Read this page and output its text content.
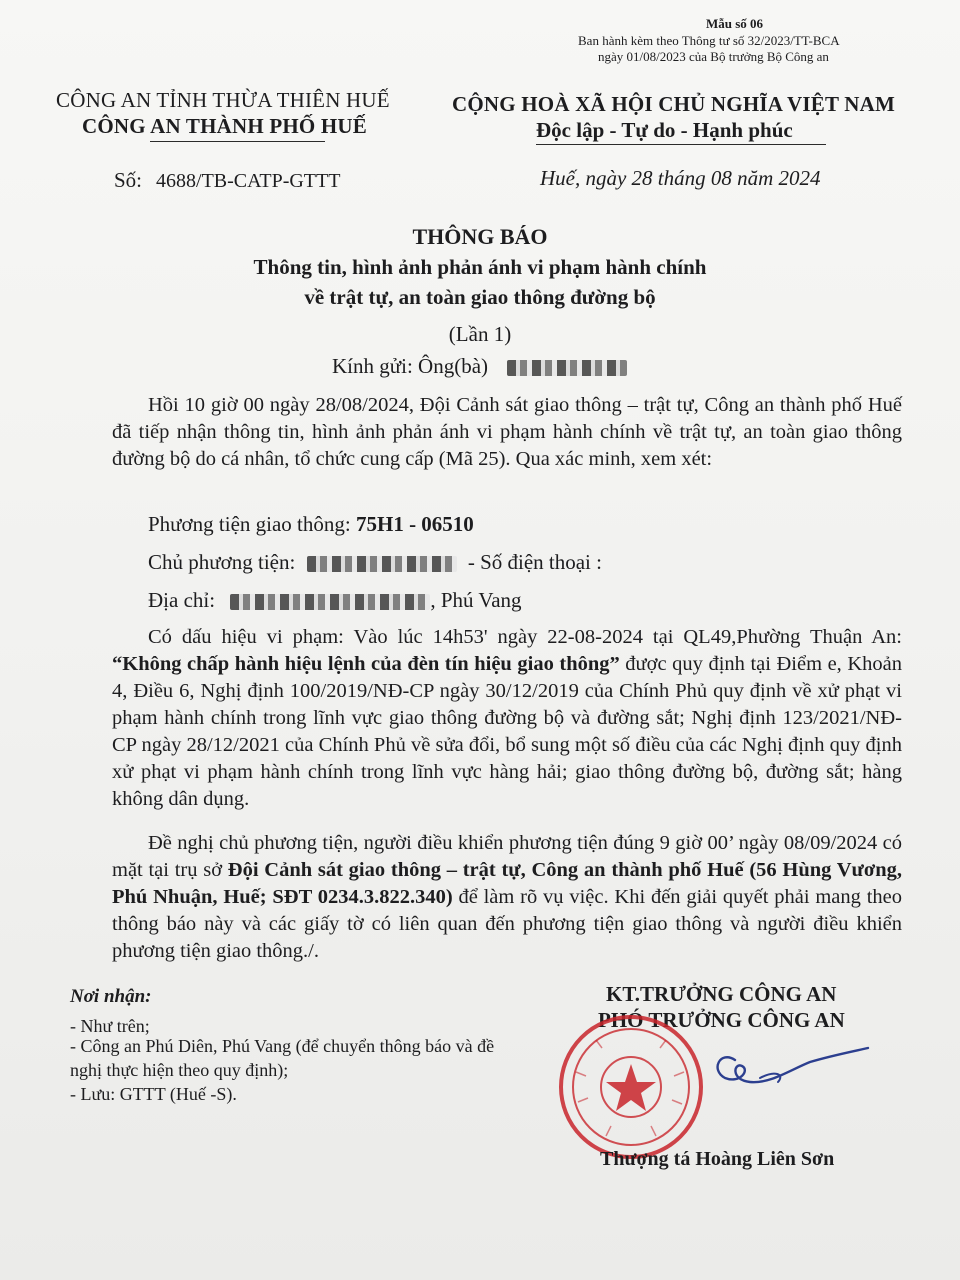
Mẫu số 06
Ban hành kèm theo Thông tư số 32/2023/TT-BCA
ngày 01/08/2023 của Bộ trưởng Bộ Công an
CÔNG AN TỈNH THỪA THIÊN HUẾ
CÔNG AN THÀNH PHỐ HUẾ
CỘNG HOÀ XÃ HỘI CHỦ NGHĨA VIỆT NAM
Độc lập - Tự do - Hạnh phúc
Số: 4688/TB-CATP-GTTT	Huế, ngày 28 tháng 08 năm 2024
THÔNG BÁO
Thông tin, hình ảnh phản ánh vi phạm hành chính
về trật tự, an toàn giao thông đường bộ
(Lần 1)
Kính gửi: Ông(bà)
Hồi 10 giờ 00 ngày 28/08/2024, Đội Cảnh sát giao thông – trật tự, Công an thành phố Huế đã tiếp nhận thông tin, hình ảnh phản ánh vi phạm hành chính về trật tự, an toàn giao thông đường bộ do cá nhân, tổ chức cung cấp (Mã 25). Qua xác minh, xem xét:
Phương tiện giao thông: 75H1 - 06510
Chủ phương tiện:	- Số điện thoại :
Địa chỉ:	, Phú Vang
Có dấu hiệu vi phạm: Vào lúc 14h53' ngày 22-08-2024 tại QL49,Phường Thuận An: “Không chấp hành hiệu lệnh của đèn tín hiệu giao thông” được quy định tại Điểm e, Khoản 4, Điều 6, Nghị định 100/2019/NĐ-CP ngày 30/12/2019 của Chính Phủ quy định về xử phạt vi phạm hành chính trong lĩnh vực giao thông đường bộ và đường sắt; Nghị định 123/2021/NĐ-CP ngày 28/12/2021 của Chính Phủ về sửa đổi, bổ sung một số điều của các Nghị định quy định xử phạt vi phạm hành chính trong lĩnh vực hàng hải; giao thông đường bộ, đường sắt; hàng không dân dụng.
Đề nghị chủ phương tiện, người điều khiển phương tiện đúng 9 giờ 00’ ngày 08/09/2024 có mặt tại trụ sở Đội Cảnh sát giao thông – trật tự, Công an thành phố Huế (56 Hùng Vương, Phú Nhuận, Huế; SĐT 0234.3.822.340) để làm rõ vụ việc. Khi đến giải quyết phải mang theo thông báo này và các giấy tờ có liên quan đến phương tiện giao thông và người điều khiển phương tiện giao thông./.
Nơi nhận:
- Như trên;
- Công an Phú Diên, Phú Vang (để chuyển thông báo và đề nghị thực hiện theo quy định);
- Lưu: GTTT (Huế -S).
KT.TRƯỞNG CÔNG AN
PHÓ TRƯỞNG CÔNG AN
Thượng tá Hoàng Liên Sơn
